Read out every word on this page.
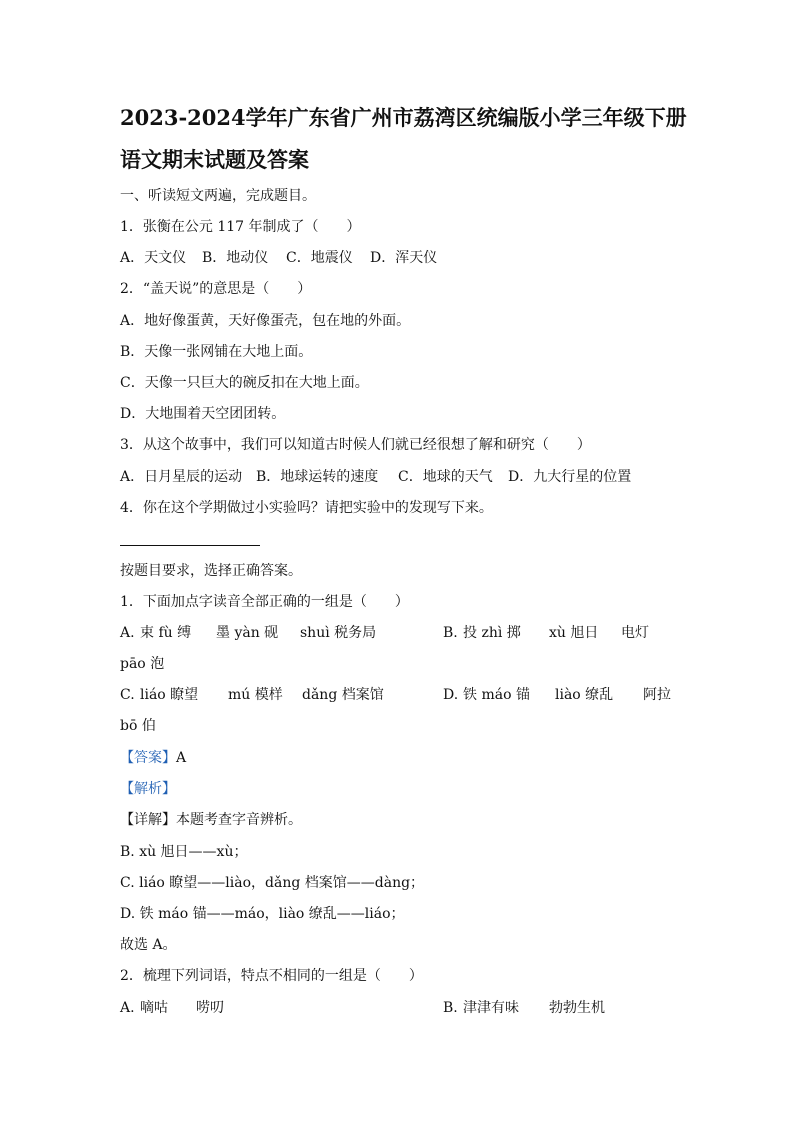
2023-2024学年广东省广州市荔湾区统编版小学三年级下册
语文期末试题及答案
一、听读短文两遍，完成题目。
1．张衡在公元 117 年制成了（　　）
A．天文仪 B．地动仪 C．地震仪 D．浑天仪
2．“盖天说”的意思是（　　）
A．地好像蛋黄，天好像蛋壳，包在地的外面。
B．天像一张网铺在大地上面。
C．天像一只巨大的碗反扣在大地上面。
D．大地围着天空团团转。
3．从这个故事中，我们可以知道古时候人们就已经很想了解和研究（　　）
A．日月星辰的运动 B．地球运转的速度 C．地球的天气 D．九大行星的位置
4．你在这个学期做过小实验吗？请把实验中的发现写下来。
按题目要求，选择正确答案。
1．下面加点字读音全部正确的一组是（　　）
A. 束 fù 缚 墨 yàn 砚 shuì 税务局	B. 投 zhì 掷 xù 旭日 电灯
pāo 泡
C. liáo 瞭望 mú 模样 dǎng 档案馆	D. 铁 máo 锚 liào 缭乱 阿拉
bō 伯
【答案】A
【解析】
【详解】本题考查字音辨析。
B. xù 旭日——xù；
C. liáo 瞭望——liào，dǎng 档案馆——dàng；
D. 铁 máo 锚——máo，liào 缭乱——liáo；
故选 A。
2．梳理下列词语，特点不相同的一组是（　　）
A. 嘀咕 唠叨	B. 津津有味 勃勃生机
